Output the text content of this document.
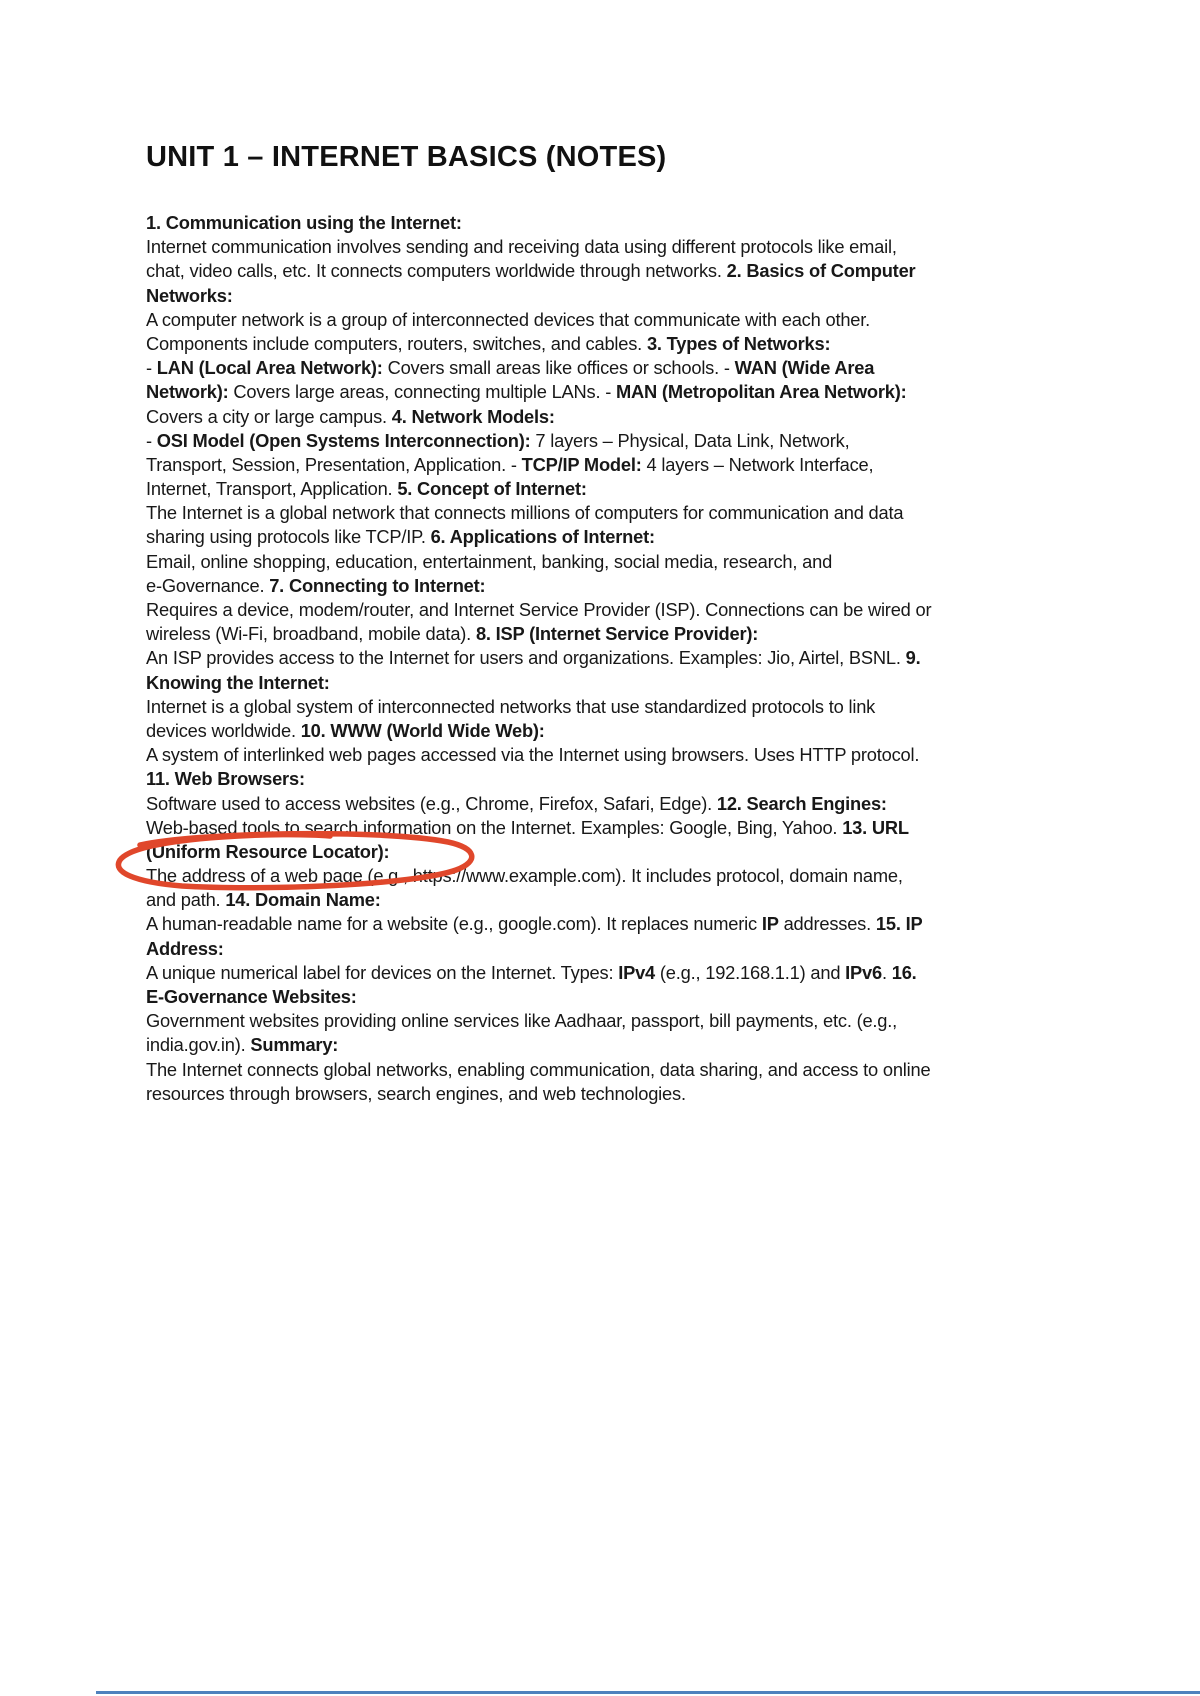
UNIT 1 – INTERNET BASICS (NOTES)
1. Communication using the Internet:
Internet communication involves sending and receiving data using different protocols like email,
chat, video calls, etc. It connects computers worldwide through networks. 2. Basics of Computer
Networks:
A computer network is a group of interconnected devices that communicate with each other.
Components include computers, routers, switches, and cables. 3. Types of Networks:
- LAN (Local Area Network): Covers small areas like offices or schools. - WAN (Wide Area
Network): Covers large areas, connecting multiple LANs. - MAN (Metropolitan Area Network):
Covers a city or large campus. 4. Network Models:
- OSI Model (Open Systems Interconnection): 7 layers – Physical, Data Link, Network,
Transport, Session, Presentation, Application. - TCP/IP Model: 4 layers – Network Interface,
Internet, Transport, Application. 5. Concept of Internet:
The Internet is a global network that connects millions of computers for communication and data
sharing using protocols like TCP/IP. 6. Applications of Internet:
Email, online shopping, education, entertainment, banking, social media, research, and
e-Governance. 7. Connecting to Internet:
Requires a device, modem/router, and Internet Service Provider (ISP). Connections can be wired or
wireless (Wi-Fi, broadband, mobile data). 8. ISP (Internet Service Provider):
An ISP provides access to the Internet for users and organizations. Examples: Jio, Airtel, BSNL. 9.
Knowing the Internet:
Internet is a global system of interconnected networks that use standardized protocols to link
devices worldwide. 10. WWW (World Wide Web):
A system of interlinked web pages accessed via the Internet using browsers. Uses HTTP protocol.
11. Web Browsers:
Software used to access websites (e.g., Chrome, Firefox, Safari, Edge). 12. Search Engines:
Web-based tools to search information on the Internet. Examples: Google, Bing, Yahoo. 13. URL
(Uniform Resource Locator):
The address of a web page (e.g., https://www.example.com). It includes protocol, domain name,
and path. 14. Domain Name:
A human-readable name for a website (e.g., google.com). It replaces numeric IP addresses. 15. IP
Address:
A unique numerical label for devices on the Internet. Types: IPv4 (e.g., 192.168.1.1) and IPv6. 16.
E-Governance Websites:
Government websites providing online services like Aadhaar, passport, bill payments, etc. (e.g.,
india.gov.in). Summary:
The Internet connects global networks, enabling communication, data sharing, and access to online
resources through browsers, search engines, and web technologies.
